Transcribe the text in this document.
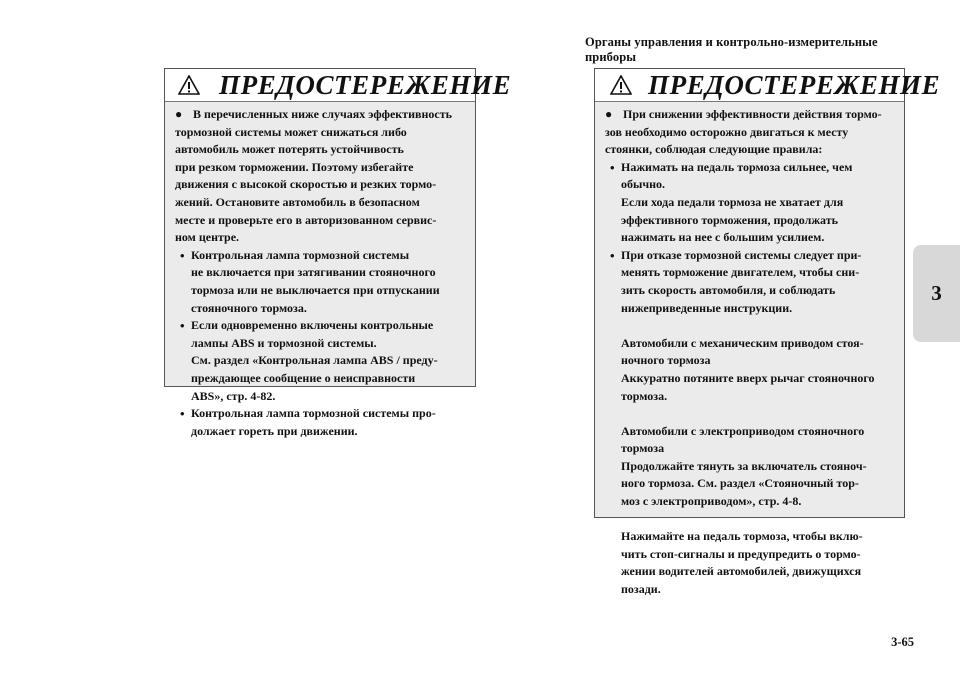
Органы управления и контрольно-измерительные приборы
3
3-65
ПРЕДОСТЕРЕЖЕНИЕ
● В перечисленных ниже случаях эффективность
тормозной системы может снижаться либо
автомобиль может потерять устойчивость
при резком торможении. Поэтому избегайте
движения с высокой скоростью и резких тормо-
жений. Остановите автомобиль в безопасном
месте и проверьте его в авторизованном сервис-
ном центре.
• Контрольная лампа тормозной системы
не включается при затягивании стояночного
тормоза или не выключается при отпускании
стояночного тормоза.
• Если одновременно включены контрольные
лампы ABS и тормозной системы.
См. раздел «Контрольная лампа ABS / преду-
преждающее сообщение о неисправности
ABS», стр. 4-82.
• Контрольная лампа тормозной системы про-
должает гореть при движении.
ПРЕДОСТЕРЕЖЕНИЕ
● При снижении эффективности действия тормо-
зов необходимо осторожно двигаться к месту
стоянки, соблюдая следующие правила:
• Нажимать на педаль тормоза сильнее, чем
обычно.
Если хода педали тормоза не хватает для
эффективного торможения, продолжать
нажимать на нее с большим усилием.
• При отказе тормозной системы следует при-
менять торможение двигателем, чтобы сни-
зить скорость автомобиля, и соблюдать
нижеприведенные инструкции.
Автомобили с механическим приводом стоя-
ночного тормоза
Аккуратно потяните вверх рычаг стояночного
тормоза.
Автомобили с электроприводом стояночного
тормоза
Продолжайте тянуть за включатель стояноч-
ного тормоза. См. раздел «Стояночный тор-
моз с электроприводом», стр. 4-8.
Нажимайте на педаль тормоза, чтобы вклю-
чить стоп-сигналы и предупредить о тормо-
жении водителей автомобилей, движущихся
позади.
